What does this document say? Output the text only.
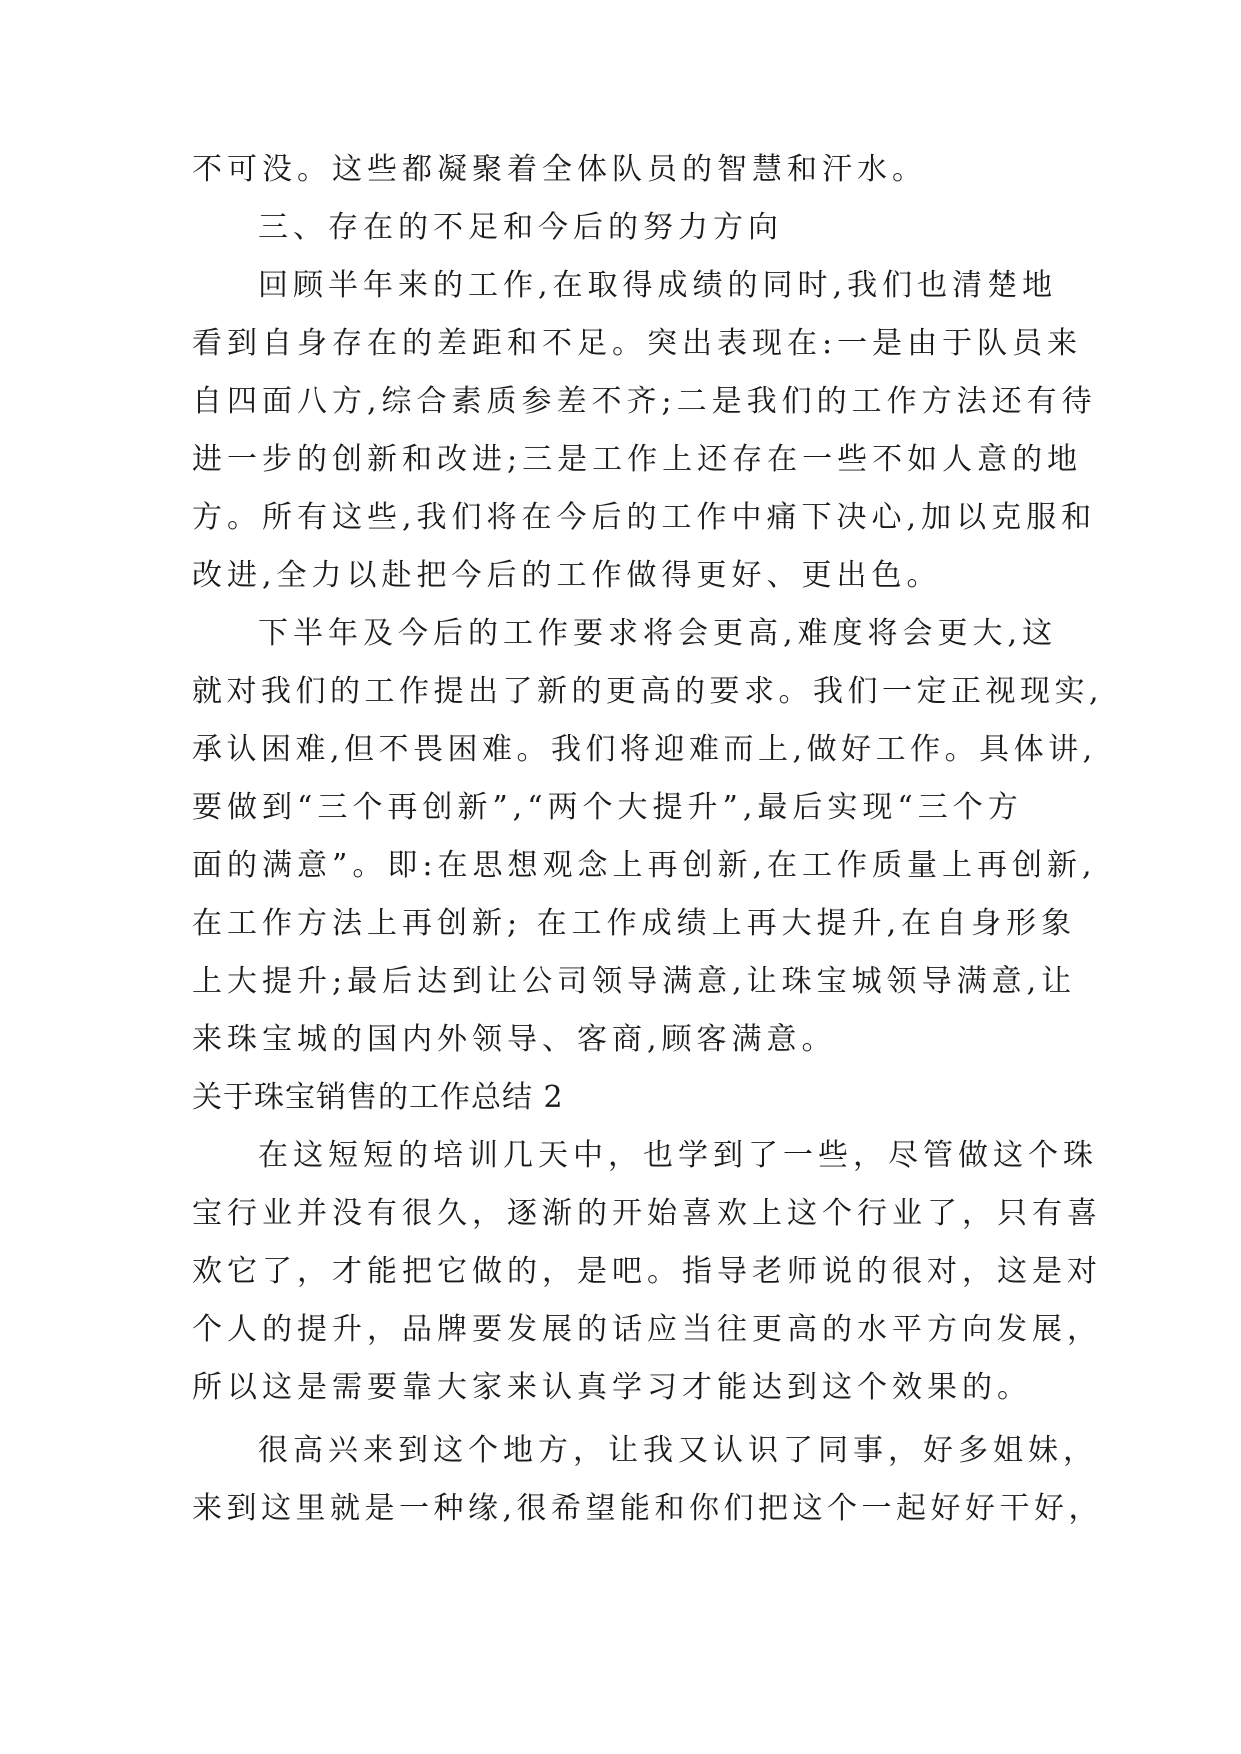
不可没。这些都凝聚着全体队员的智慧和汗水。
三、存在的不足和今后的努力方向
回顾半年来的工作,在取得成绩的同时,我们也清楚地
看到自身存在的差距和不足。突出表现在:一是由于队员来
自四面八方,综合素质参差不齐;二是我们的工作方法还有待
进一步的创新和改进;三是工作上还存在一些不如人意的地
方。所有这些,我们将在今后的工作中痛下决心,加以克服和
改进,全力以赴把今后的工作做得更好、更出色。
下半年及今后的工作要求将会更高,难度将会更大,这
就对我们的工作提出了新的更高的要求。我们一定正视现实,
承认困难,但不畏困难。我们将迎难而上,做好工作。具体讲,
要做到“三个再创新”,“两个大提升”,最后实现“三个方
面的满意”。即:在思想观念上再创新,在工作质量上再创新,
在工作方法上再创新; 在工作成绩上再大提升,在自身形象
上大提升;最后达到让公司领导满意,让珠宝城领导满意,让
来珠宝城的国内外领导、客商,顾客满意。
关于珠宝销售的工作总结 2
在这短短的培训几天中，也学到了一些，尽管做这个珠
宝行业并没有很久，逐渐的开始喜欢上这个行业了，只有喜
欢它了，才能把它做的，是吧。指导老师说的很对，这是对
个人的提升，品牌要发展的话应当往更高的水平方向发展，
所以这是需要靠大家来认真学习才能达到这个效果的。
很高兴来到这个地方，让我又认识了同事，好多姐妹，
来到这里就是一种缘,很希望能和你们把这个一起好好干好，
